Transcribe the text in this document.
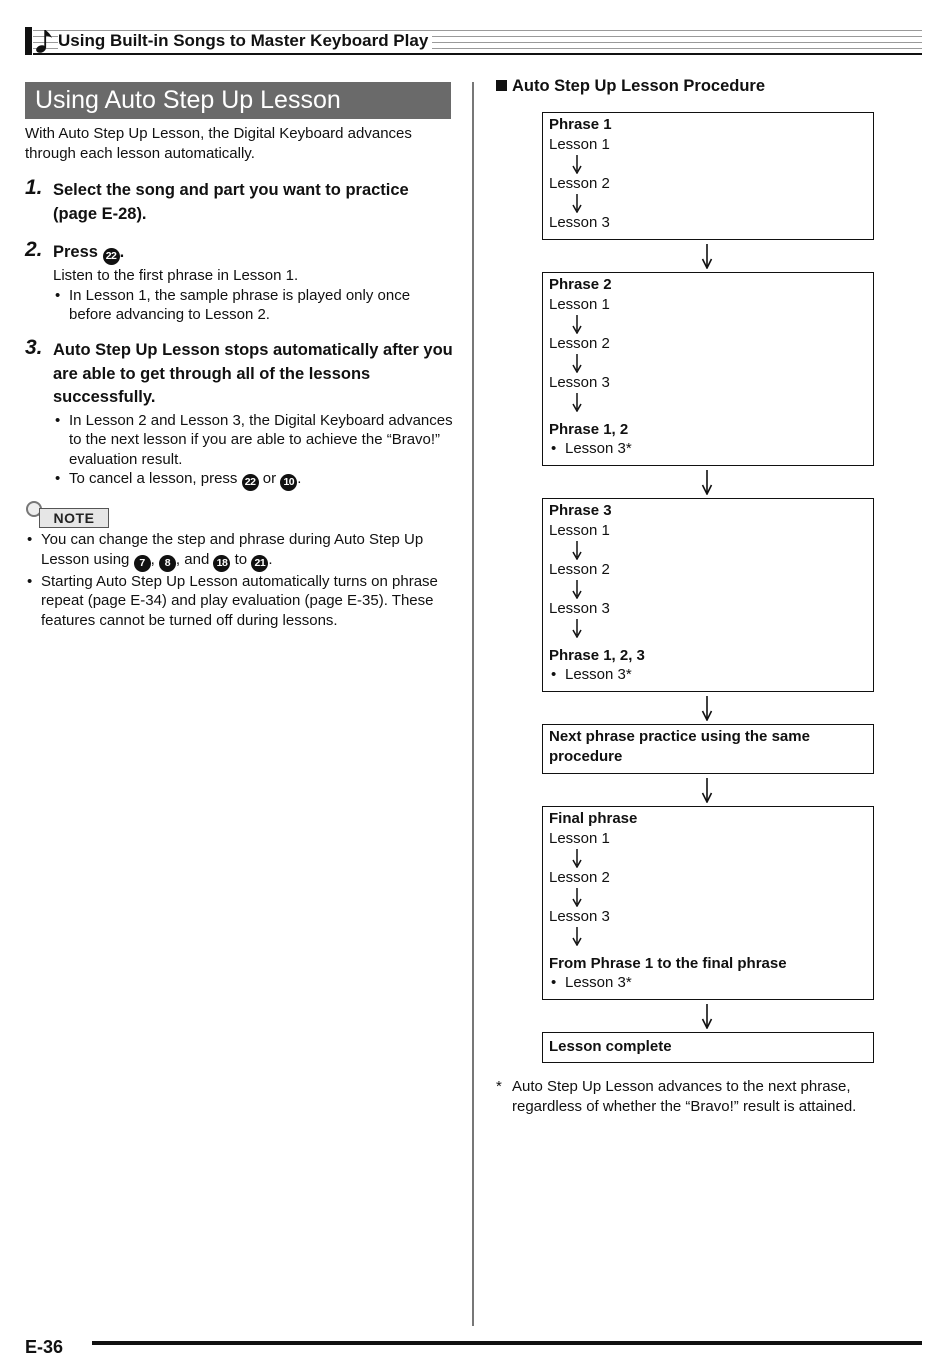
Using Built-in Songs to Master Keyboard Play
Using Auto Step Up Lesson
With Auto Step Up Lesson, the Digital Keyboard advances through each lesson automatically.
1. Select the song and part you want to practice (page E-28).
2. Press 22 .
Listen to the first phrase in Lesson 1.
• In Lesson 1, the sample phrase is played only once before advancing to Lesson 2.
3. Auto Step Up Lesson stops automatically after you are able to get through all of the lessons successfully.
• In Lesson 2 and Lesson 3, the Digital Keyboard advances to the next lesson if you are able to achieve the “Bravo!” evaluation result.
• To cancel a lesson, press 22 or 10 .
NOTE
• You can change the step and phrase during Auto Step Up Lesson using 7 , 8 , and 18 to 21 .
• Starting Auto Step Up Lesson automatically turns on phrase repeat (page E-34) and play evaluation (page E-35). These features cannot be turned off during lessons.
Auto Step Up Lesson Procedure
Phrase 1
Lesson 1
Lesson 2
Lesson 3
Phrase 2
Lesson 1
Lesson 2
Lesson 3
Phrase 1, 2
• Lesson 3*
Phrase 3
Lesson 1
Lesson 2
Lesson 3
Phrase 1, 2, 3
• Lesson 3*
Next phrase practice using the same
procedure
Final phrase
Lesson 1
Lesson 2
Lesson 3
From Phrase 1 to the final phrase
• Lesson 3*
Lesson complete
* Auto Step Up Lesson advances to the next phrase, regardless of whether the “Bravo!” result is attained.
E-36
